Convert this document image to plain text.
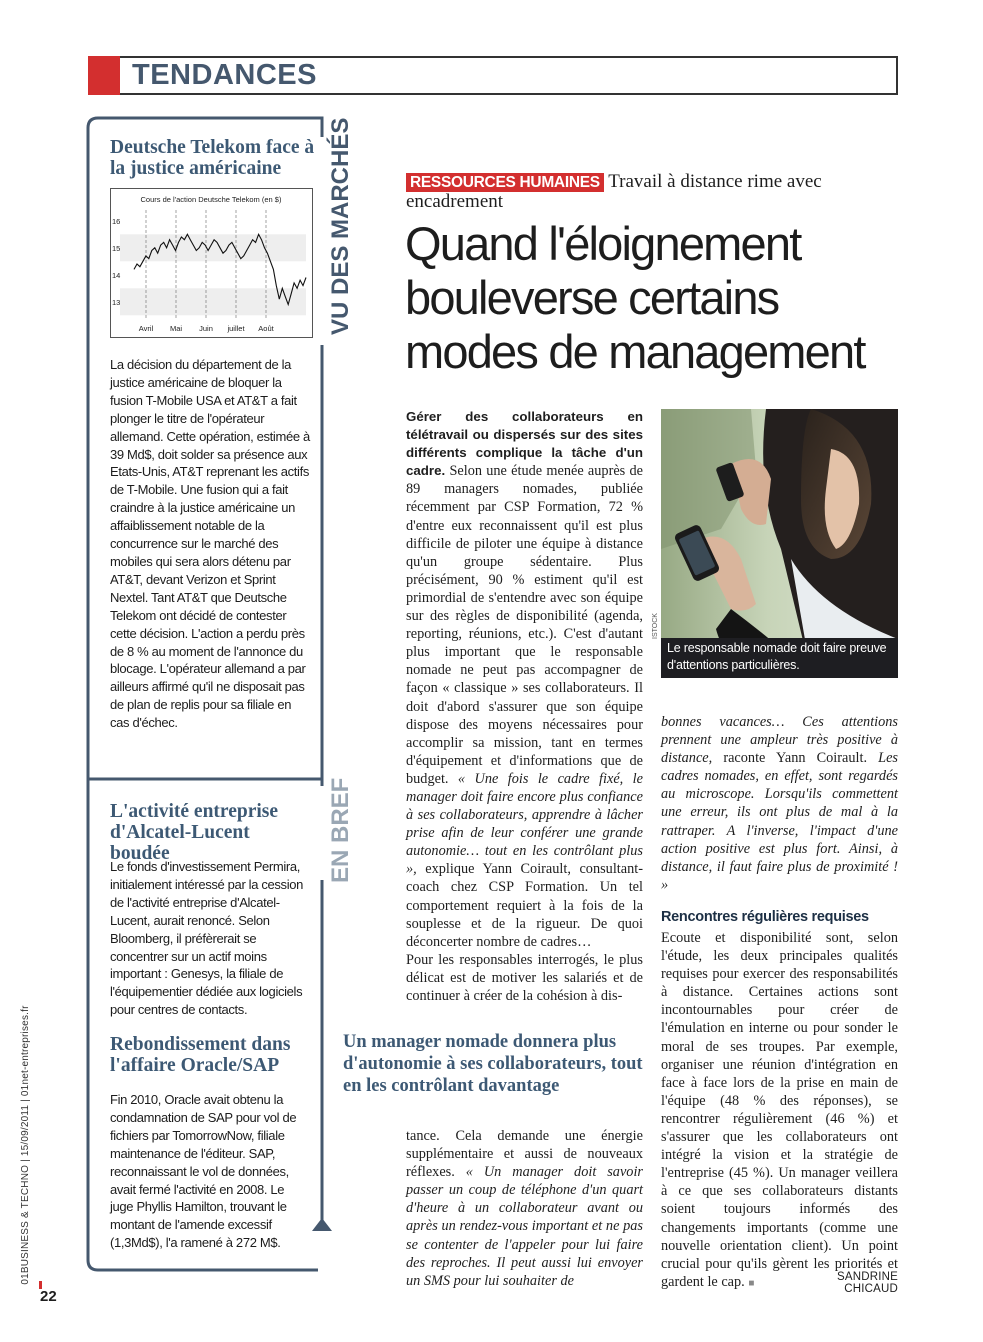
TENDANCES
01BUSINESS & TECHNO | 15/09/2011 | 01net-entreprises.fr
22
VU DES MARCHÉS
EN BREF
Deutsche Telekom face à la justice américaine
Cours de l'action Deutsche Telekom (en $)
13
14
15
16
Avril Mai Juin juillet Août
La décision du département de la justice américaine de bloquer la fusion T-Mobile USA et AT&T a fait plonger le titre de l'opérateur allemand. Cette opération, estimée à 39 Md$, doit solder sa présence aux Etats-Unis, AT&T reprenant les actifs de T-Mobile. Une fusion qui a fait craindre à la justice américaine un affaiblissement notable de la concurrence sur le marché des mobiles qui sera alors détenu par AT&T, devant Verizon et Sprint Nextel. Tant AT&T que Deutsche Telekom ont décidé de contester cette décision. L'action a perdu près de 8 % au moment de l'annonce du blocage. L'opérateur allemand a par ailleurs affirmé qu'il ne disposait pas de plan de replis pour sa filiale en cas d'échec.
L'activité entreprise d'Alcatel-Lucent boudée
Le fonds d'investissement Permira, initialement intéressé par la cession de l'activité entreprise d'Alcatel-Lucent, aurait renoncé. Selon Bloomberg, il préfèrerait se concentrer sur un actif moins important : Genesys, la filiale de l'équipementier dédiée aux logiciels pour centres de contacts.
Rebondissement dans l'affaire Oracle/SAP
Fin 2010, Oracle avait obtenu la condamnation de SAP pour vol de fichiers par TomorrowNow, filiale maintenance de l'éditeur. SAP, reconnaissant le vol de données, avait fermé l'activité en 2008. Le juge Phyllis Hamilton, trouvant le montant de l'amende excessif (1,3Md$), l'a ramené à 272 M$.
RESSOURCES HUMAINES Travail à distance rime avec encadrement
Quand l'éloignement bouleverse certains modes de management

Gérer des collaborateurs en télétravail ou dispersés sur des sites différents complique la tâche d'un cadre. Selon une étude menée auprès de 89 managers nomades, publiée récemment par CSP Formation, 72 % d'entre eux reconnaissent qu'il est plus difficile de piloter une équipe à distance qu'un groupe sédentaire. Plus précisément, 90 % estiment qu'il est primordial de s'entendre avec son équipe sur des règles de disponibilité (agenda, reporting, réunions, etc.). C'est d'autant plus important que le responsable nomade ne peut pas accompagner de façon « classique » ses collaborateurs. Il doit d'abord s'assurer que son équipe dispose des moyens nécessaires pour accomplir sa mission, tant en termes d'équipement et d'informations que de budget. « Une fois le cadre fixé, le manager doit faire encore plus confiance à ses collaborateurs, apprendre à lâcher prise afin de leur conférer une grande autonomie… tout en les contrôlant plus », explique Yann Coirault, consultant-coach chez CSP Formation. Un tel comportement requiert à la fois de la souplesse et de la rigueur. De quoi déconcerter nombre de cadres…

Pour les responsables interrogés, le plus délicat est de motiver les salariés et de continuer à créer de la cohésion à dis-

Un manager nomade donnera plus d'autonomie à ses collaborateurs, tout en les contrôlant davantage

tance. Cela demande une énergie supplémentaire et aussi de nouveaux réflexes. « Un manager doit savoir passer un coup de téléphone d'un quart d'heure à un collaborateur avant ou après un rendez-vous important et ne pas se contenter de l'appeler pour lui faire des reproches. Il peut aussi lui envoyer un SMS pour lui souhaiter de

ISTOCK
Le responsable nomade doit faire preuve d'attentions particulières.

bonnes vacances… Ces attentions prennent une ampleur très positive à distance, raconte Yann Coirault. Les cadres nomades, en effet, sont regardés au microscope. Lorsqu'ils commettent une erreur, ils ont plus de mal à la rattraper. A l'inverse, l'impact d'une action positive est plus fort. Ainsi, à distance, il faut faire plus de proximité ! »

Rencontres régulières requises

Ecoute et disponibilité sont, selon l'étude, les deux principales qualités requises pour exercer des responsabilités à distance. Certaines actions sont incontournables pour créer de l'émulation en interne ou pour sonder le moral de ses troupes. Par exemple, organiser une réunion d'intégration en face à face lors de la prise en main de l'équipe (48 % des réponses), se rencontrer régulièrement (46 %) et s'assurer que les collaborateurs ont intégré la vision et la stratégie de l'entreprise (45 %). Un manager veillera à ce que ses collaborateurs distants soient toujours informés des changements importants (comme une nouvelle orientation client). Un point crucial pour qu'ils gèrent les priorités et gardent le cap. ■

SANDRINE CHICAUD
